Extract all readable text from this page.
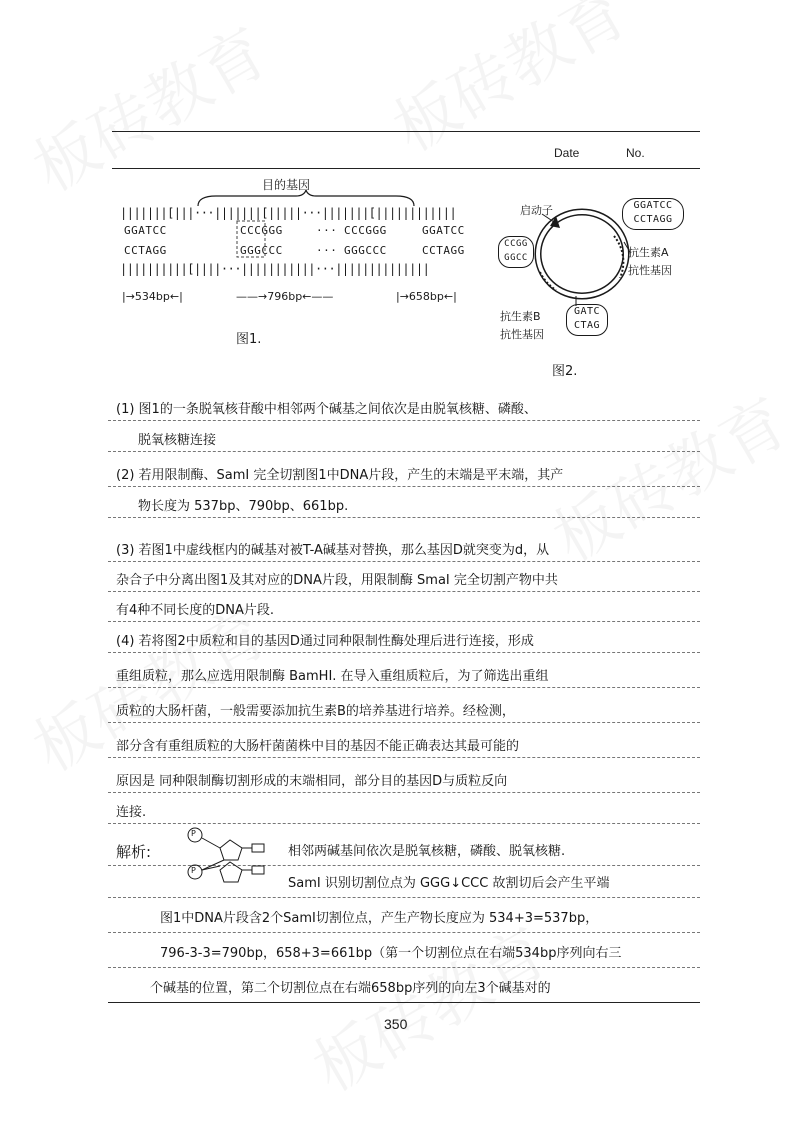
Date	No.
目的基因
|||||||[|||···|||||||[|||||···|||||||[||||||||||||
GGATCC	CCCGGG	··· CCCGGG	GGATCC
CCTAGG	GGGCCC	··· GGGCCC	CCTAGG
||||||||||[||||···|||||||||||···||||||||||||||
|→534bp←|	——→796bp←——	|→658bp←|
图1.
启动子	GGATCC
CCTAGG
CCGG
GGCC	抗生素A
抗性基因
GATC
CTAG
抗生素B
抗性基因
图2.
(1) 图1的一条脱氧核苷酸中相邻两个碱基之间依次是由脱氧核糖、磷酸、
脱氧核糖连接
(2) 若用限制酶、SamI 完全切割图1中DNA片段，产生的末端是平末端，其产
物长度为 537bp、790bp、661bp.
(3) 若图1中虚线框内的碱基对被T-A碱基对替换，那么基因D就突变为d，从
杂合子中分离出图1及其对应的DNA片段，用限制酶 SmaI 完全切割产物中共
有4种不同长度的DNA片段.
(4) 若将图2中质粒和目的基因D通过同种限制性酶处理后进行连接，形成
重组质粒，那么应选用限制酶 BamHI. 在导入重组质粒后，为了筛选出重组
质粒的大肠杆菌，一般需要添加抗生素B的培养基进行培养。经检测，
部分含有重组质粒的大肠杆菌菌株中目的基因不能正确表达其最可能的
原因是 同种限制酶切割形成的末端相同，部分目的基因D与质粒反向
连接.
解析:
P
P
相邻两碱基间依次是脱氧核糖，磷酸、脱氧核糖.
SamI 识别切割位点为 GGG↓CCC 故割切后会产生平端
图1中DNA片段含2个SamI切割位点，产生产物长度应为 534+3=537bp，
796-3-3=790bp，658+3=661bp（第一个切割位点在右端534bp序列向右三
个碱基的位置，第二个切割位点在右端658bp序列的向左3个碱基对的
350
